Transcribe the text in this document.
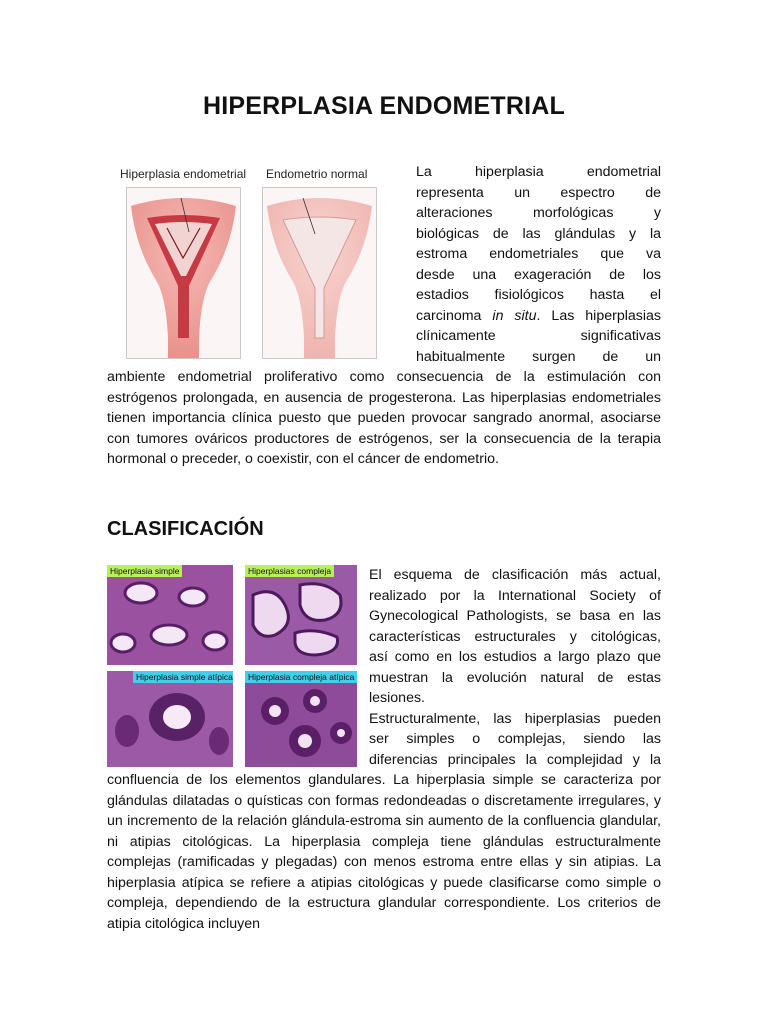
HIPERPLASIA ENDOMETRIAL
Hiperplasia endometrial Endometrio normal	La hiperplasia endometrial
representa un espectro de
alteraciones morfológicas y
biológicas de las glándulas y la
estroma endometriales que va
desde una exageración de los
estadios fisiológicos hasta el
carcinoma in situ. Las hiperplasias
clínicamente significativas
habitualmente surgen de un

ambiente endometrial proliferativo como consecuencia de la estimulación con estrógenos prolongada, en ausencia de progesterona. Las hiperplasias endometriales tienen importancia clínica puesto que pueden provocar sangrado anormal, asociarse con tumores ováricos productores de estrógenos, ser la consecuencia de la terapia hormonal o preceder, o coexistir, con el cáncer de endometrio.

CLASIFICACIÓN
Hiperplasia simple	Hiperplasias compleja
Hiperplasia simple atípica	Hiperplasia compleja atípica
El esquema de clasificación más actual,
realizado por la International Society of
Gynecological Pathologists, se basa en las
características estructurales y citológicas,
así como en los estudios a largo plazo que
muestran la evolución natural de estas
lesiones.
Estructuralmente, las hiperplasias pueden
ser simples o complejas, siendo las
diferencias principales la complejidad y la

confluencia de los elementos glandulares. La hiperplasia simple se caracteriza por glándulas dilatadas o quísticas con formas redondeadas o discretamente irregulares, y un incremento de la relación glándula-estroma sin aumento de la confluencia glandular, ni atipias citológicas. La hiperplasia compleja tiene glándulas estructuralmente complejas (ramificadas y plegadas) con menos estroma entre ellas y sin atipias. La hiperplasia atípica se refiere a atipias citológicas y puede clasificarse como simple o compleja, dependiendo de la estructura glandular correspondiente. Los criterios de atipia citológica incluyen
